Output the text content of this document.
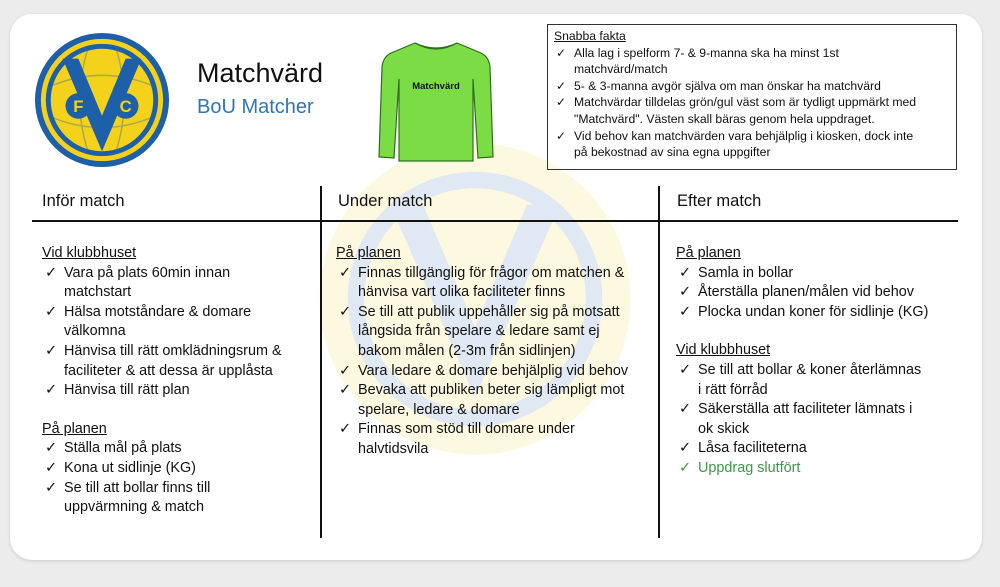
F
V
C
Matchvärd
BoU Matcher
Matchvärd
Snabba fakta
✓ Alla lag i spelform 7- & 9-manna ska ha minst 1st
matchvärd/match
✓ 5- & 3-manna avgör själva om man önskar ha matchvärd
✓ Matchvärdar tilldelas grön/gul väst som är tydligt uppmärkt med
"Matchvärd". Västen skall bäras genom hela uppdraget.
✓ Vid behov kan matchvärden vara behjälplig i kiosken, dock inte
på bekostnad av sina egna uppgifter
Inför match	Under match	Efter match
Vid klubbhuset
✓ Vara på plats 60min innan
matchstart
✓ Hälsa motståndare & domare
välkomna
✓ Hänvisa till rätt omklädningsrum &
faciliteter & att dessa är upplåsta
✓ Hänvisa till rätt plan
På planen
✓ Ställa mål på plats
✓ Kona ut sidlinje (KG)
✓ Se till att bollar finns till
uppvärmning & match
På planen
✓ Finnas tillgänglig för frågor om matchen &
hänvisa vart olika faciliteter finns
✓ Se till att publik uppehåller sig på motsatt
långsida från spelare & ledare samt ej
bakom målen (2-3m från sidlinjen)
✓ Vara ledare & domare behjälplig vid behov
✓ Bevaka att publiken beter sig lämpligt mot
spelare, ledare & domare
✓ Finnas som stöd till domare under
halvtidsvila
På planen
✓ Samla in bollar
✓ Återställa planen/målen vid behov
✓ Plocka undan koner för sidlinje (KG)
Vid klubbhuset
✓ Se till att bollar & koner återlämnas
i rätt förråd
✓ Säkerställa att faciliteter lämnats i
ok skick
✓ Låsa faciliteterna
✓ Uppdrag slutfört
